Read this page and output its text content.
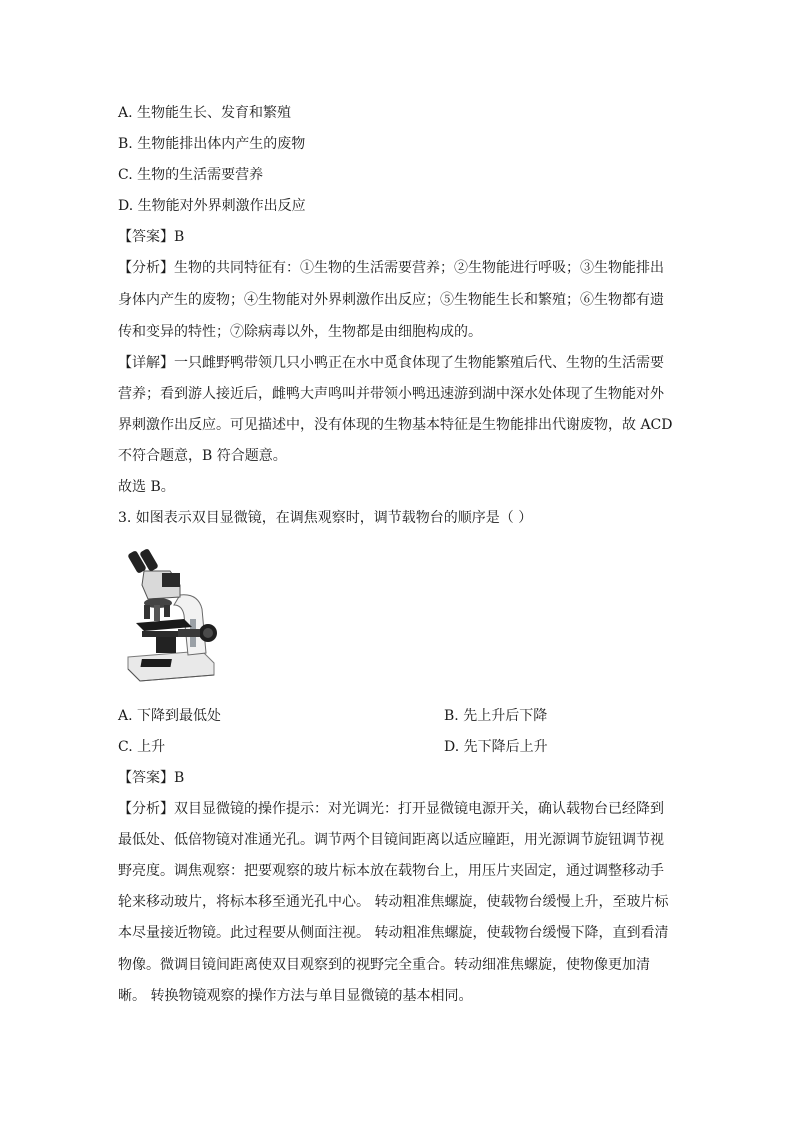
A. 生物能生长、发育和繁殖
B. 生物能排出体内产生的废物
C. 生物的生活需要营养
D. 生物能对外界刺激作出反应
【答案】B
【分析】生物的共同特征有：①生物的生活需要营养；②生物能进行呼吸；③生物能排出
身体内产生的废物；④生物能对外界刺激作出反应；⑤生物能生长和繁殖；⑥生物都有遗
传和变异的特性；⑦除病毒以外，生物都是由细胞构成的。
【详解】一只雌野鸭带领几只小鸭正在水中觅食体现了生物能繁殖后代、生物的生活需要
营养；看到游人接近后，雌鸭大声鸣叫并带领小鸭迅速游到湖中深水处体现了生物能对外
界刺激作出反应。可见描述中，没有体现的生物基本特征是生物能排出代谢废物，故 ACD
不符合题意，B 符合题意。
故选 B。
3. 如图表示双目显微镜，在调焦观察时，调节载物台的顺序是（ ）
A. 下降到最低处	B. 先上升后下降
C. 上升	D. 先下降后上升
【答案】B
【分析】双目显微镜的操作提示：对光调光：打开显微镜电源开关，确认载物台已经降到
最低处、低倍物镜对准通光孔。调节两个目镜间距离以适应瞳距，用光源调节旋钮调节视
野亮度。调焦观察：把要观察的玻片标本放在载物台上，用压片夹固定，通过调整移动手
轮来移动玻片，将标本移至通光孔中心。 转动粗准焦螺旋，使载物台缓慢上升，至玻片标
本尽量接近物镜。此过程要从侧面注视。 转动粗准焦螺旋，使载物台缓慢下降，直到看清
物像。微调目镜间距离使双目观察到的视野完全重合。转动细准焦螺旋，使物像更加清
晰。 转换物镜观察的操作方法与单目显微镜的基本相同。
